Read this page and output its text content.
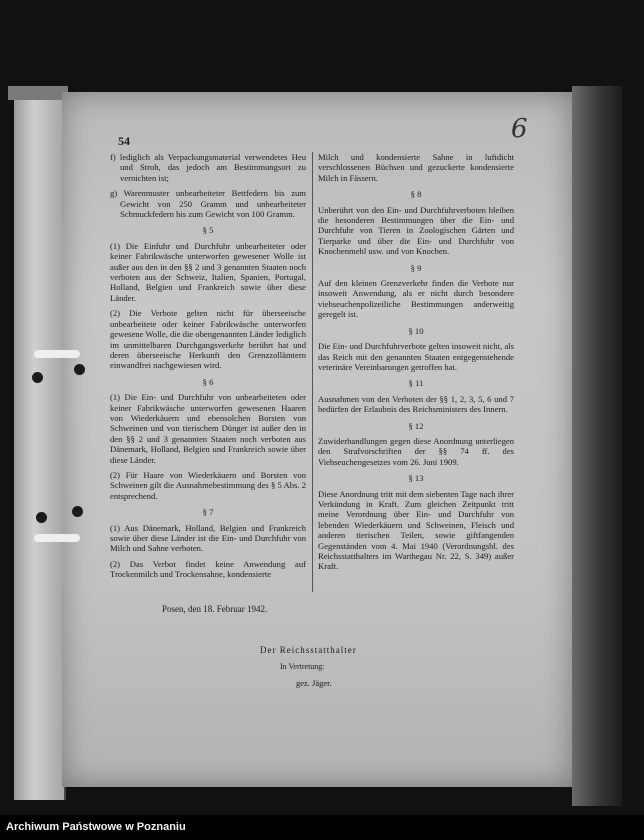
54	6

f) lediglich als Verpackungsmaterial verwendetes Heu und Stroh, das jedoch am Bestimmungsort zu vernichten ist;

g) Warenmuster unbearbeiteter Bettfedern bis zum Gewicht von 250 Gramm und unbearbeiteter Schmuckfedern bis zum Gewicht von 100 Gramm.

§ 5

(1) Die Einfuhr und Durchfuhr unbearbeiteter oder keiner Fabrikwäsche unterworfen gewesener Wolle ist außer aus den in den §§ 2 und 3 genannten Staaten noch verboten aus der Schweiz, Italien, Spanien, Portugal, Holland, Belgien und Frankreich sowie über diese Länder.

(2) Die Verbote gelten nicht für überseeische unbearbeitete oder keiner Fabrikwäsche unterworfen gewesene Wolle, die die obengenannten Länder lediglich im unmittelbaren Durchgangsverkehr berührt hat und deren überseeische Herkunft den Grenzzollämtern einwandfrei nachgewiesen wird.

§ 6

(1) Die Ein- und Durchfuhr von unbearbeiteten oder keiner Fabrikwäsche unterworfen gewesenen Haaren von Wiederkäuern und ebensolchen Borsten von Schweinen und von tierischem Dünger ist außer den in den §§ 2 und 3 genannten Staaten noch verboten aus Dänemark, Holland, Belgien und Frankreich sowie über diese Länder.

(2) Für Haare von Wiederkäuern und Borsten von Schweinen gilt die Ausnahmebestimmung des § 5 Abs. 2 entsprechend.

§ 7

(1) Aus Dänemark, Holland, Belgien und Frankreich sowie über diese Länder ist die Ein- und Durchfuhr von Milch und Sahne verboten.

(2) Das Verbot findet keine Anwendung auf Trockenmilch und Trockensahne, kondensierte

Milch und kondensierte Sahne in luftdicht verschlossenen Büchsen und gezuckerte kondensierte Milch in Fässern.

§ 8

Unberührt von den Ein- und Durchfuhrverboten bleiben die besonderen Bestimmungen über die Ein- und Durchfuhr von Tieren in Zoologischen Gärten und Tierparke und über die Ein- und Durchfuhr von Knochenmehl usw. und von Knochen.

§ 9

Auf den kleinen Grenzverkehr finden die Verbote nur insoweit Anwendung, als er nicht durch besondere viehseuchenpolizeiliche Bestimmungen anderweitig geregelt ist.

§ 10

Die Ein- und Durchfuhrverbote gelten insoweit nicht, als das Reich mit den genannten Staaten entgegenstehende veterinäre Vereinbarungen getroffen hat.

§ 11

Ausnahmen von den Verboten der §§ 1, 2, 3, 5, 6 und 7 bedürfen der Erlaubnis des Reichsministers des Innern.

§ 12

Zuwiderhandlungen gegen diese Anordnung unterliegen den Strafvorschriften der §§ 74 ff. des Viehseuchengesetzes vom 26. Juni 1909.

§ 13

Diese Anordnung tritt mit dem siebenten Tage nach ihrer Verkündung in Kraft. Zum gleichen Zeitpunkt tritt meine Verordnung über Ein- und Durchfuhr von lebenden Wiederkäuern und Schweinen, Fleisch und anderen tierischen Teilen, sowie giftfangenden Gegenständen vom 4. Mai 1940 (Verordnungsbl. des Reichsstatthalters im Warthegau Nr. 22, S. 349) außer Kraft.

Posen, den 18. Februar 1942.
Der Reichsstatthalter
In Vertretung:
gez. Jäger.
Archiwum Państwowe w Poznaniu
